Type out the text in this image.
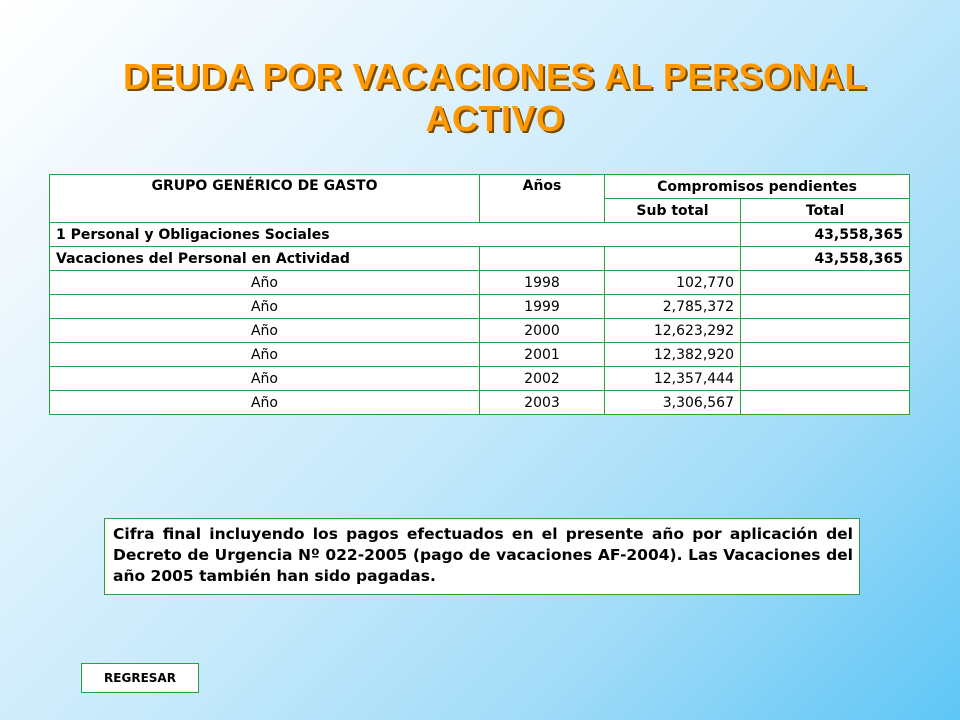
DEUDA POR VACACIONES AL PERSONAL
ACTIVO
GRUPO GENÉRICO DE GASTO	Años	Compromisos pendientes	
		Sub total	Total
1 Personal y Obligaciones Sociales			43,558,365
Vacaciones del Personal en Actividad			43,558,365
Año	1998	102,770	
Año	1999	2,785,372	
Año	2000	12,623,292	
Año	2001	12,382,920	
Año	2002	12,357,444	
Año	2003	3,306,567	
Cifra final incluyendo los pagos efectuados en el presente año por aplicación del Decreto de Urgencia Nº 022-2005 (pago de vacaciones AF-2004). Las Vacaciones del año 2005 también han sido pagadas.
REGRESAR
